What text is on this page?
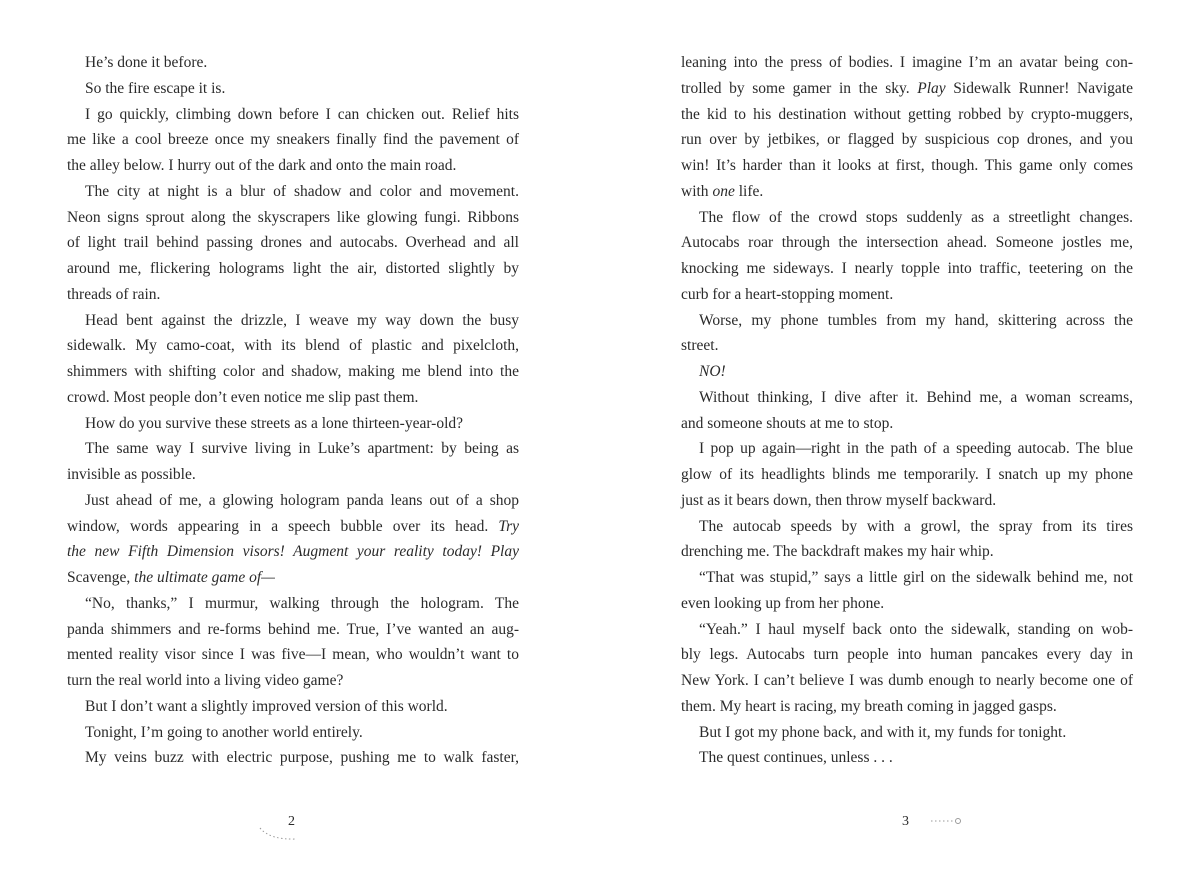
He’s done it before.
So the fire escape it is.
I go quickly, climbing down before I can chicken out. Relief hits
me like a cool breeze once my sneakers finally find the pavement of
the alley below. I hurry out of the dark and onto the main road.
The city at night is a blur of shadow and color and movement.
Neon signs sprout along the skyscrapers like glowing fungi. Ribbons
of light trail behind passing drones and autocabs. Overhead and all
around me, flickering holograms light the air, distorted slightly by
threads of rain.
Head bent against the drizzle, I weave my way down the busy
sidewalk. My camo-coat, with its blend of plastic and pixelcloth,
shimmers with shifting color and shadow, making me blend into the
crowd. Most people don’t even notice me slip past them.
How do you survive these streets as a lone thirteen-year-old?
The same way I survive living in Luke’s apartment: by being as
invisible as possible.
Just ahead of me, a glowing hologram panda leans out of a shop
window, words appearing in a speech bubble over its head. Try
the new Fifth Dimension visors! Augment your reality today! Play
Scavenge, the ultimate game of—
“No, thanks,” I murmur, walking through the hologram. The
panda shimmers and re-forms behind me. True, I’ve wanted an aug-
mented reality visor since I was five—I mean, who wouldn’t want to
turn the real world into a living video game?
But I don’t want a slightly improved version of this world.
Tonight, I’m going to another world entirely.
My veins buzz with electric purpose, pushing me to walk faster,
leaning into the press of bodies. I imagine I’m an avatar being con-
trolled by some gamer in the sky. Play Sidewalk Runner! Navigate
the kid to his destination without getting robbed by crypto-muggers,
run over by jetbikes, or flagged by suspicious cop drones, and you
win! It’s harder than it looks at first, though. This game only comes
with one life.
The flow of the crowd stops suddenly as a streetlight changes.
Autocabs roar through the intersection ahead. Someone jostles me,
knocking me sideways. I nearly topple into traffic, teetering on the
curb for a heart-stopping moment.
Worse, my phone tumbles from my hand, skittering across the
street.
NO!
Without thinking, I dive after it. Behind me, a woman screams,
and someone shouts at me to stop.
I pop up again—right in the path of a speeding autocab. The blue
glow of its headlights blinds me temporarily. I snatch up my phone
just as it bears down, then throw myself backward.
The autocab speeds by with a growl, the spray from its tires
drenching me. The backdraft makes my hair whip.
“That was stupid,” says a little girl on the sidewalk behind me, not
even looking up from her phone.
“Yeah.” I haul myself back onto the sidewalk, standing on wob-
bly legs. Autocabs turn people into human pancakes every day in
New York. I can’t believe I was dumb enough to nearly become one of
them. My heart is racing, my breath coming in jagged gasps.
But I got my phone back, and with it, my funds for tonight.
The quest continues, unless . . .
2	3
